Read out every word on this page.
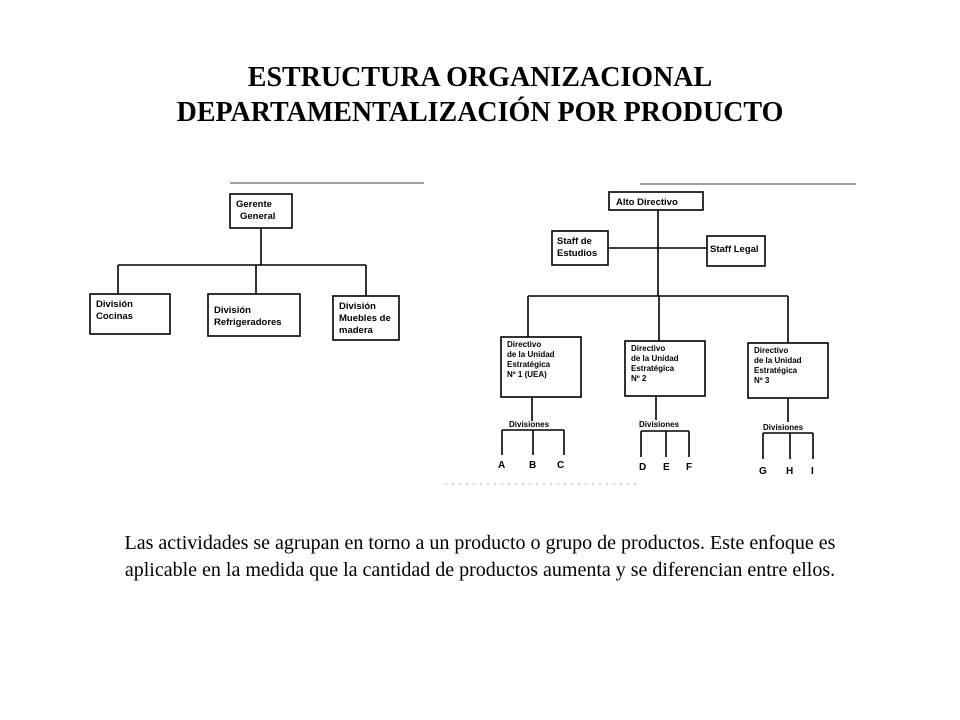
ESTRUCTURA ORGANIZACIONAL
DEPARTAMENTALIZACIÓN POR PRODUCTO
Gerente
General
División
Cocinas
División
Refrigeradores
División
Muebles de
madera
Alto Directivo
Staff de
Estudios	Staff Legal
Directivo
de la Unidad
Estratégica
Nº 1 (UEA)
Directivo
de la Unidad
Estratégica
Nº 2
Directivo
de la Unidad
Estratégica
Nº 3
Divisiones
A B C
Divisiones
D E F
Divisiones
G H I
Las actividades se agrupan en torno a un producto o grupo de productos. Este enfoque es aplicable en la medida que la cantidad de productos aumenta y se diferencian entre ellos.
